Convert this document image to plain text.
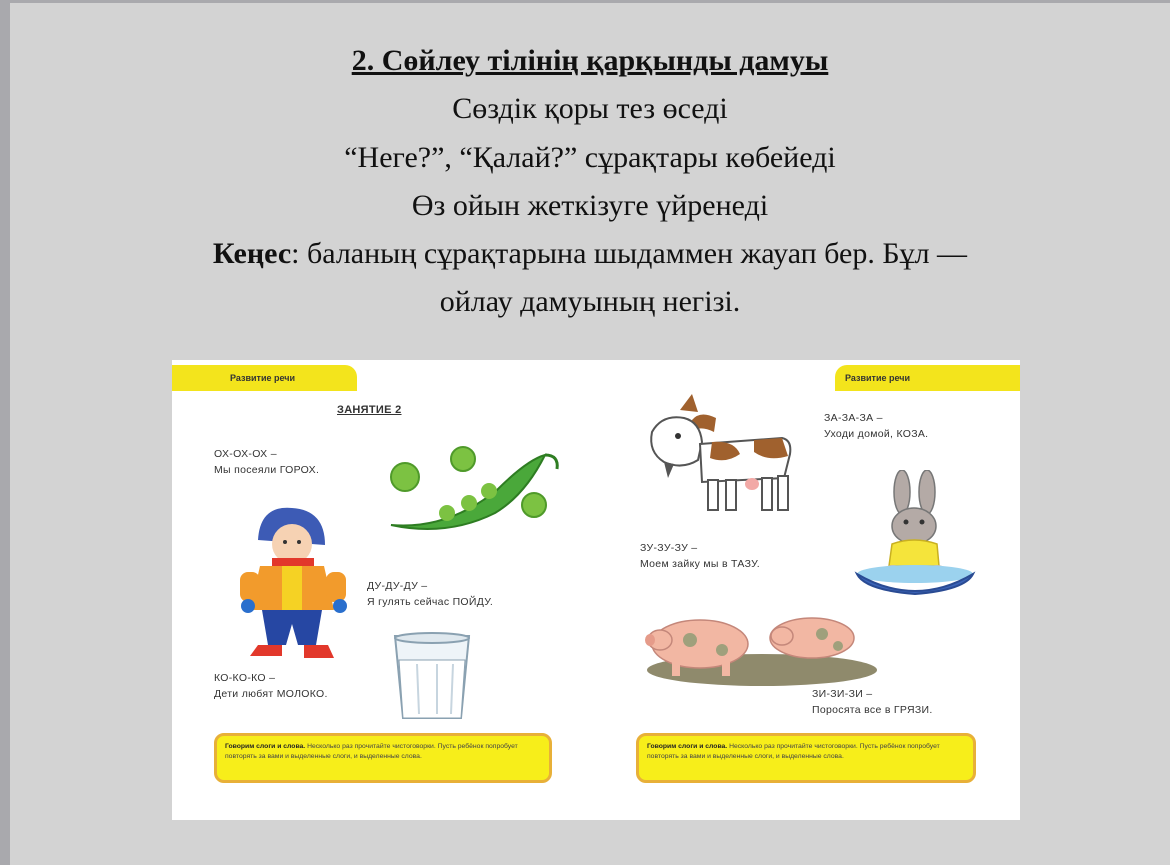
2. Сөйлеу тілінің қарқынды дамуы
Сөздік қоры тез өседі
“Неге?”, “Қалай?” сұрақтары көбейеді
Өз ойын жеткізуге үйренеді
Кеңес: баланың сұрақтарына шыдаммен жауап бер. Бұл —
ойлау дамуының негізі.
Развитие речи	Развитие речи
ЗАНЯТИЕ 2
ОХ-ОХ-ОХ –
Мы посеяли ГОРОХ.
ДУ-ДУ-ДУ –
Я гулять сейчас ПОЙДУ.
КО-КО-КО –
Дети любят МОЛОКО.
ЗА-ЗА-ЗА –
Уходи домой, КОЗА.
ЗУ-ЗУ-ЗУ –
Моем зайку мы в ТАЗУ.
ЗИ-ЗИ-ЗИ –
Поросята все в ГРЯЗИ.
Говорим слоги и слова. Несколько раз прочитайте чистоговорки. Пусть ребёнок попробует повторять за вами и выделенные слоги, и выделенные слова.
Говорим слоги и слова. Несколько раз прочитайте чистоговорки. Пусть ребёнок попробует повторять за вами и выделенные слоги, и выделенные слова.
